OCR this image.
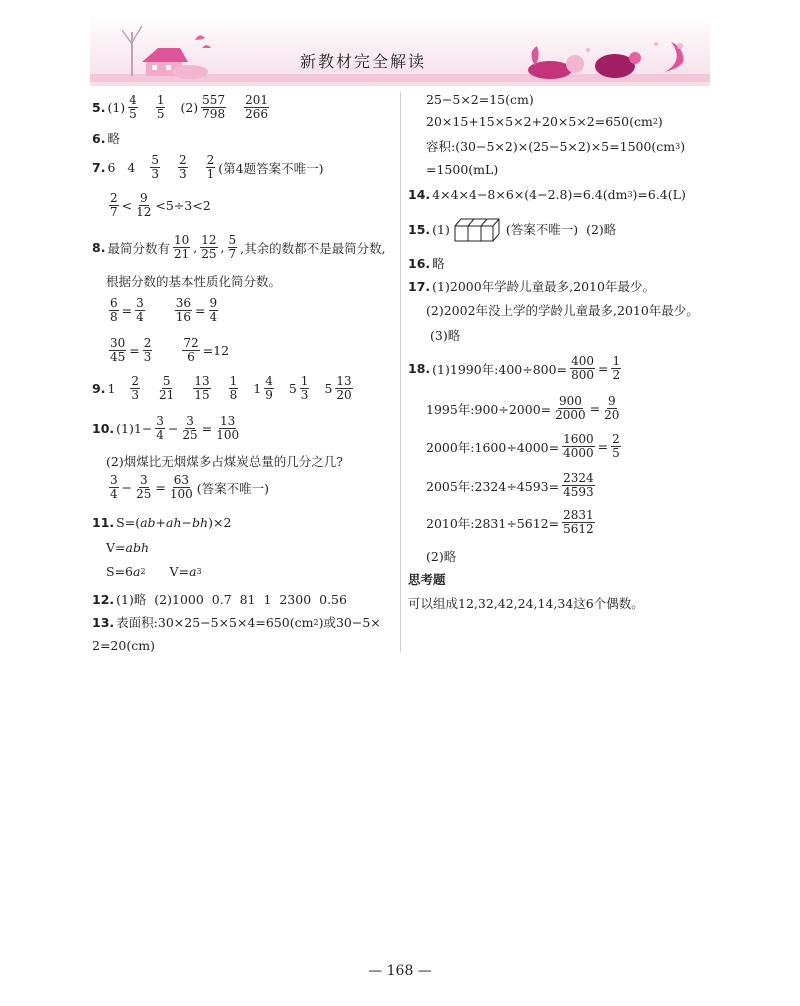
新教材完全解读
5. $(1) \frac{4}{5} \frac{1}{5} (2) \frac{557}{798} \frac{201}{266}$
6. 略
7. 6 $4 \frac{5}{3} \frac{2}{3} \frac{2}{1}$ (第4题答案不唯一)
$\frac{2}{7} < \frac{9}{12} <5\div 3<2$
8. 最简分数有 $\frac{10}{21}$ , $\frac{12}{25}$ , $\frac{5}{7}$ ,其余的数都不是最简分数,
根据分数的基本性质化简分数。
$\frac{6}{8} = \frac{3}{4}$	$\frac{36}{16} = \frac{9}{4}$
$\frac{30}{45} = \frac{2}{3}$	$\frac{72}{6} =12$
9. $1 \frac{2}{3} \frac{5}{21} \frac{13}{15} \frac{1}{8} 1 \frac{4}{9} 5 \frac{1}{3} 5 \frac{13}{20}$
10. $(1)1- \frac{3}{4} - \frac{3}{25} = \frac{13}{100}$
(2)烟煤比无烟煤多占煤炭总量的几分之几?
$\frac{3}{4} - \frac{3}{25} = \frac{63}{100}$ (答案不唯一)
11. S=( ab + ah − bh )×2
V= abh
S=6 a 2 V= a 3
12. (1)略  (2)1000  0.7  81  1  2300  0.56
13. 表面积:30×25−5×5×4=650(cm 2 )或30−5×
2=20(cm)
25−5×2=15(cm)
20×15+15×5×2+20×5×2=650(cm 2 )
容积:(30−5×2)×(25−5×2)×5=1500(cm 3 )
=1500(mL)
14. 4×4×4−8×6×(4−2.8)=6.4(dm 3 )=6.4(L)
15. (1)	(答案不唯一)  (2)略
16. 略
17. (1)2000年学龄儿童最多,2010年最少。
(2)2002年没上学的学龄儿童最多,2010年最少。
(3)略
18. (1)1990年:400÷800= $\frac{400}{800} = \frac{1}{2}$
1995年:900÷2000= $\frac{900}{2000} = \frac{9}{20}$
2000年:1600÷4000= $\frac{1600}{4000} = \frac{2}{5}$
2005年:2324÷4593= $\frac{2324}{4593}$
2010年:2831÷5612= $\frac{2831}{5612}$
(2)略
思考题
可以组成12,32,42,24,14,34这6个偶数。
— 168 —
